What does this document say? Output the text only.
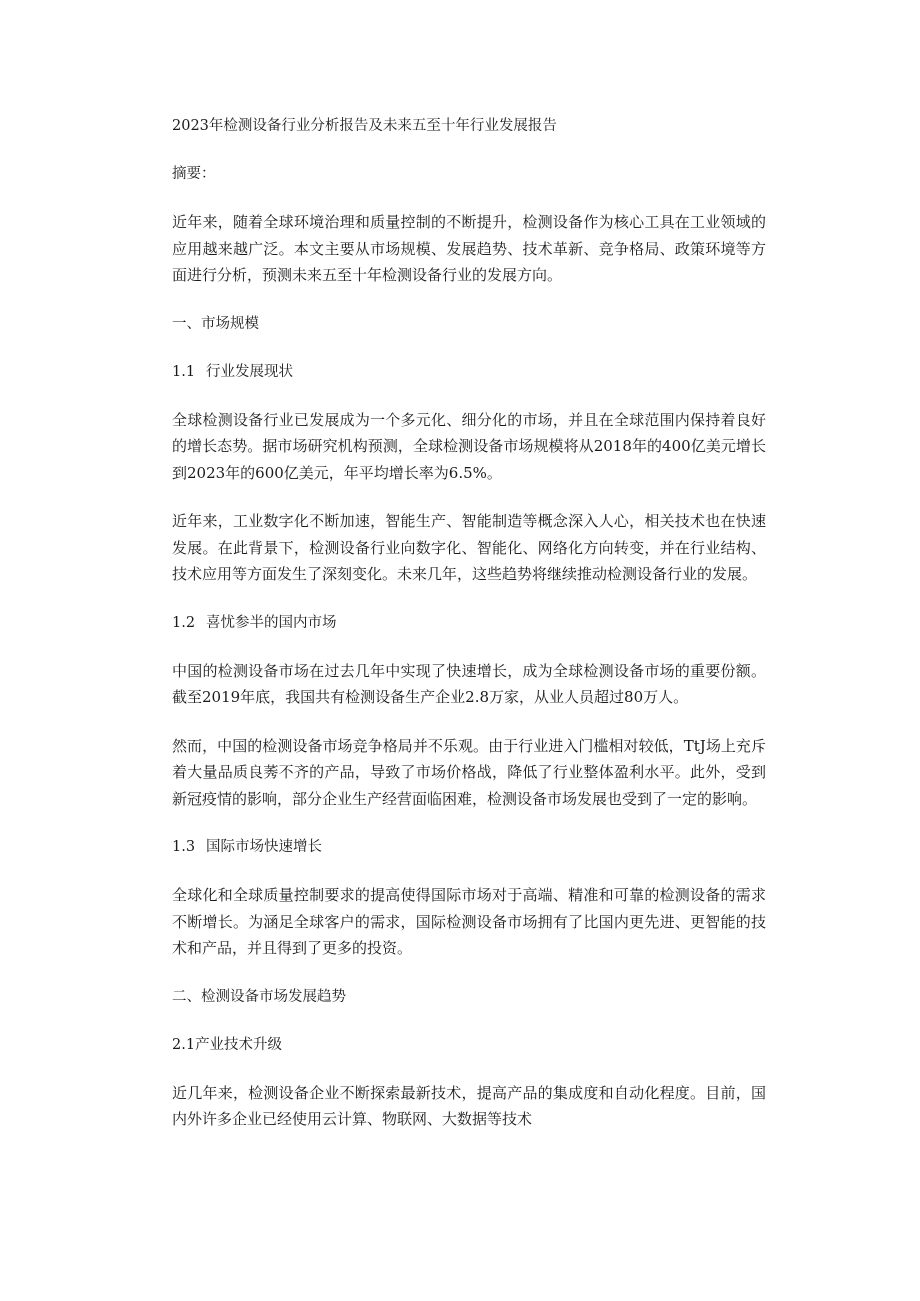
2023年检测设备行业分析报告及未来五至十年行业发展报告
摘要：
近年来，随着全球环境治理和质量控制的不断提升，检测设备作为核心工具在工业领域的应用越来越广泛。本文主要从市场规模、发展趋势、技术革新、竞争格局、政策环境等方面进行分析，预测未来五至十年检测设备行业的发展方向。
一、市场规模
1.1 行业发展现状
全球检测设备行业已发展成为一个多元化、细分化的市场，并且在全球范围内保持着良好的增长态势。据市场研究机构预测，全球检测设备市场规模将从2018年的400亿美元增长到2023年的600亿美元，年平均增长率为6.5%。
近年来，工业数字化不断加速，智能生产、智能制造等概念深入人心，相关技术也在快速发展。在此背景下，检测设备行业向数字化、智能化、网络化方向转变，并在行业结构、技术应用等方面发生了深刻变化。未来几年，这些趋势将继续推动检测设备行业的发展。
1.2 喜忧参半的国内市场
中国的检测设备市场在过去几年中实现了快速增长，成为全球检测设备市场的重要份额。截至2019年底，我国共有检测设备生产企业2.8万家，从业人员超过80万人。
然而，中国的检测设备市场竞争格局并不乐观。由于行业进入门槛相对较低，TtJ场上充斥着大量品质良莠不齐的产品，导致了市场价格战，降低了行业整体盈利水平。此外，受到新冠疫情的影响，部分企业生产经营面临困难，检测设备市场发展也受到了一定的影响。
1.3 国际市场快速增长
全球化和全球质量控制要求的提高使得国际市场对于高端、精准和可靠的检测设备的需求不断增长。为涵足全球客户的需求，国际检测设备市场拥有了比国内更先进、更智能的技术和产品，并且得到了更多的投资。
二、检测设备市场发展趋势
2.1产业技术升级
近几年来，检测设备企业不断探索最新技术，提高产品的集成度和自动化程度。目前，国内外许多企业已经使用云计算、物联网、大数据等技术
